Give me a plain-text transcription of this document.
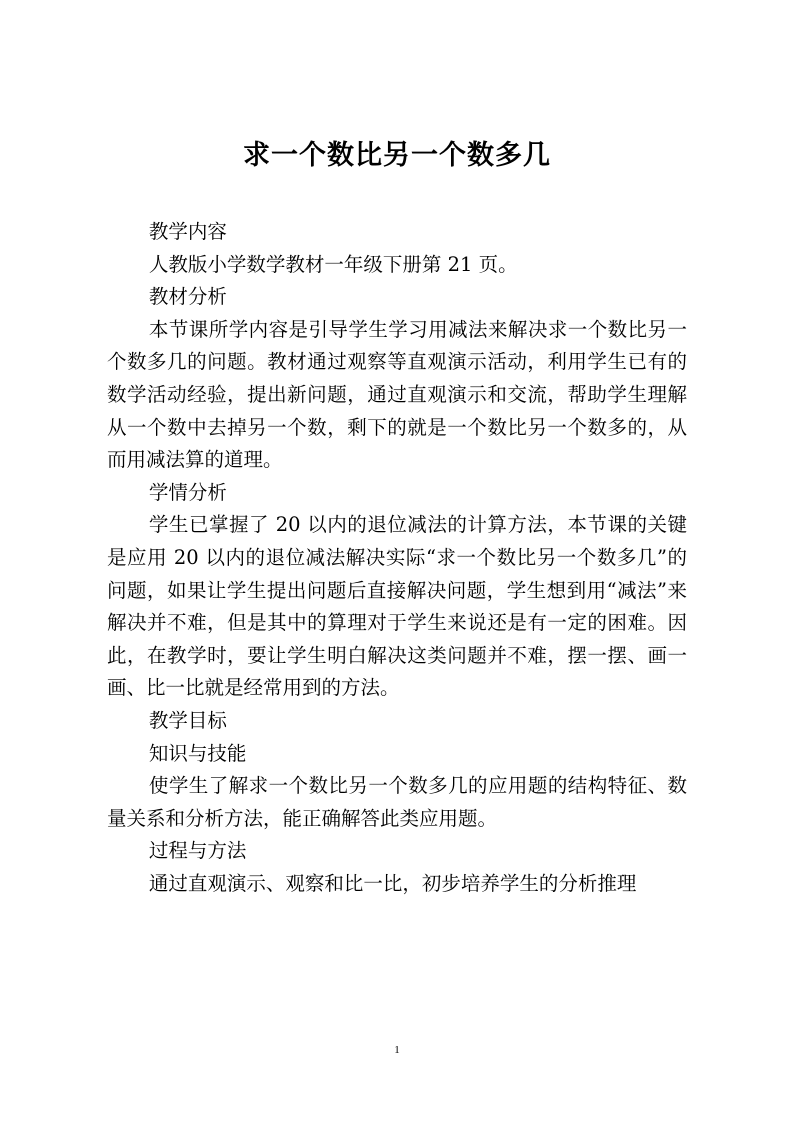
求一个数比另一个数多几

教学内容

人教版小学数学教材一年级下册第 21 页。

教材分析

本节课所学内容是引导学生学习用减法来解决求一个数比另一个数多几的问题。教材通过观察等直观演示活动，利用学生已有的数学活动经验，提出新问题，通过直观演示和交流，帮助学生理解从一个数中去掉另一个数，剩下的就是一个数比另一个数多的，从而用减法算的道理。

学情分析

学生已掌握了 20 以内的退位减法的计算方法，本节课的关键是应用 20 以内的退位减法解决实际“求一个数比另一个数多几”的问题，如果让学生提出问题后直接解决问题，学生想到用“减法”来解决并不难，但是其中的算理对于学生来说还是有一定的困难。因此，在教学时，要让学生明白解决这类问题并不难，摆一摆、画一画、比一比就是经常用到的方法。

教学目标

知识与技能

使学生了解求一个数比另一个数多几的应用题的结构特征、数量关系和分析方法，能正确解答此类应用题。

过程与方法

通过直观演示、观察和比一比，初步培养学生的分析推理

1
